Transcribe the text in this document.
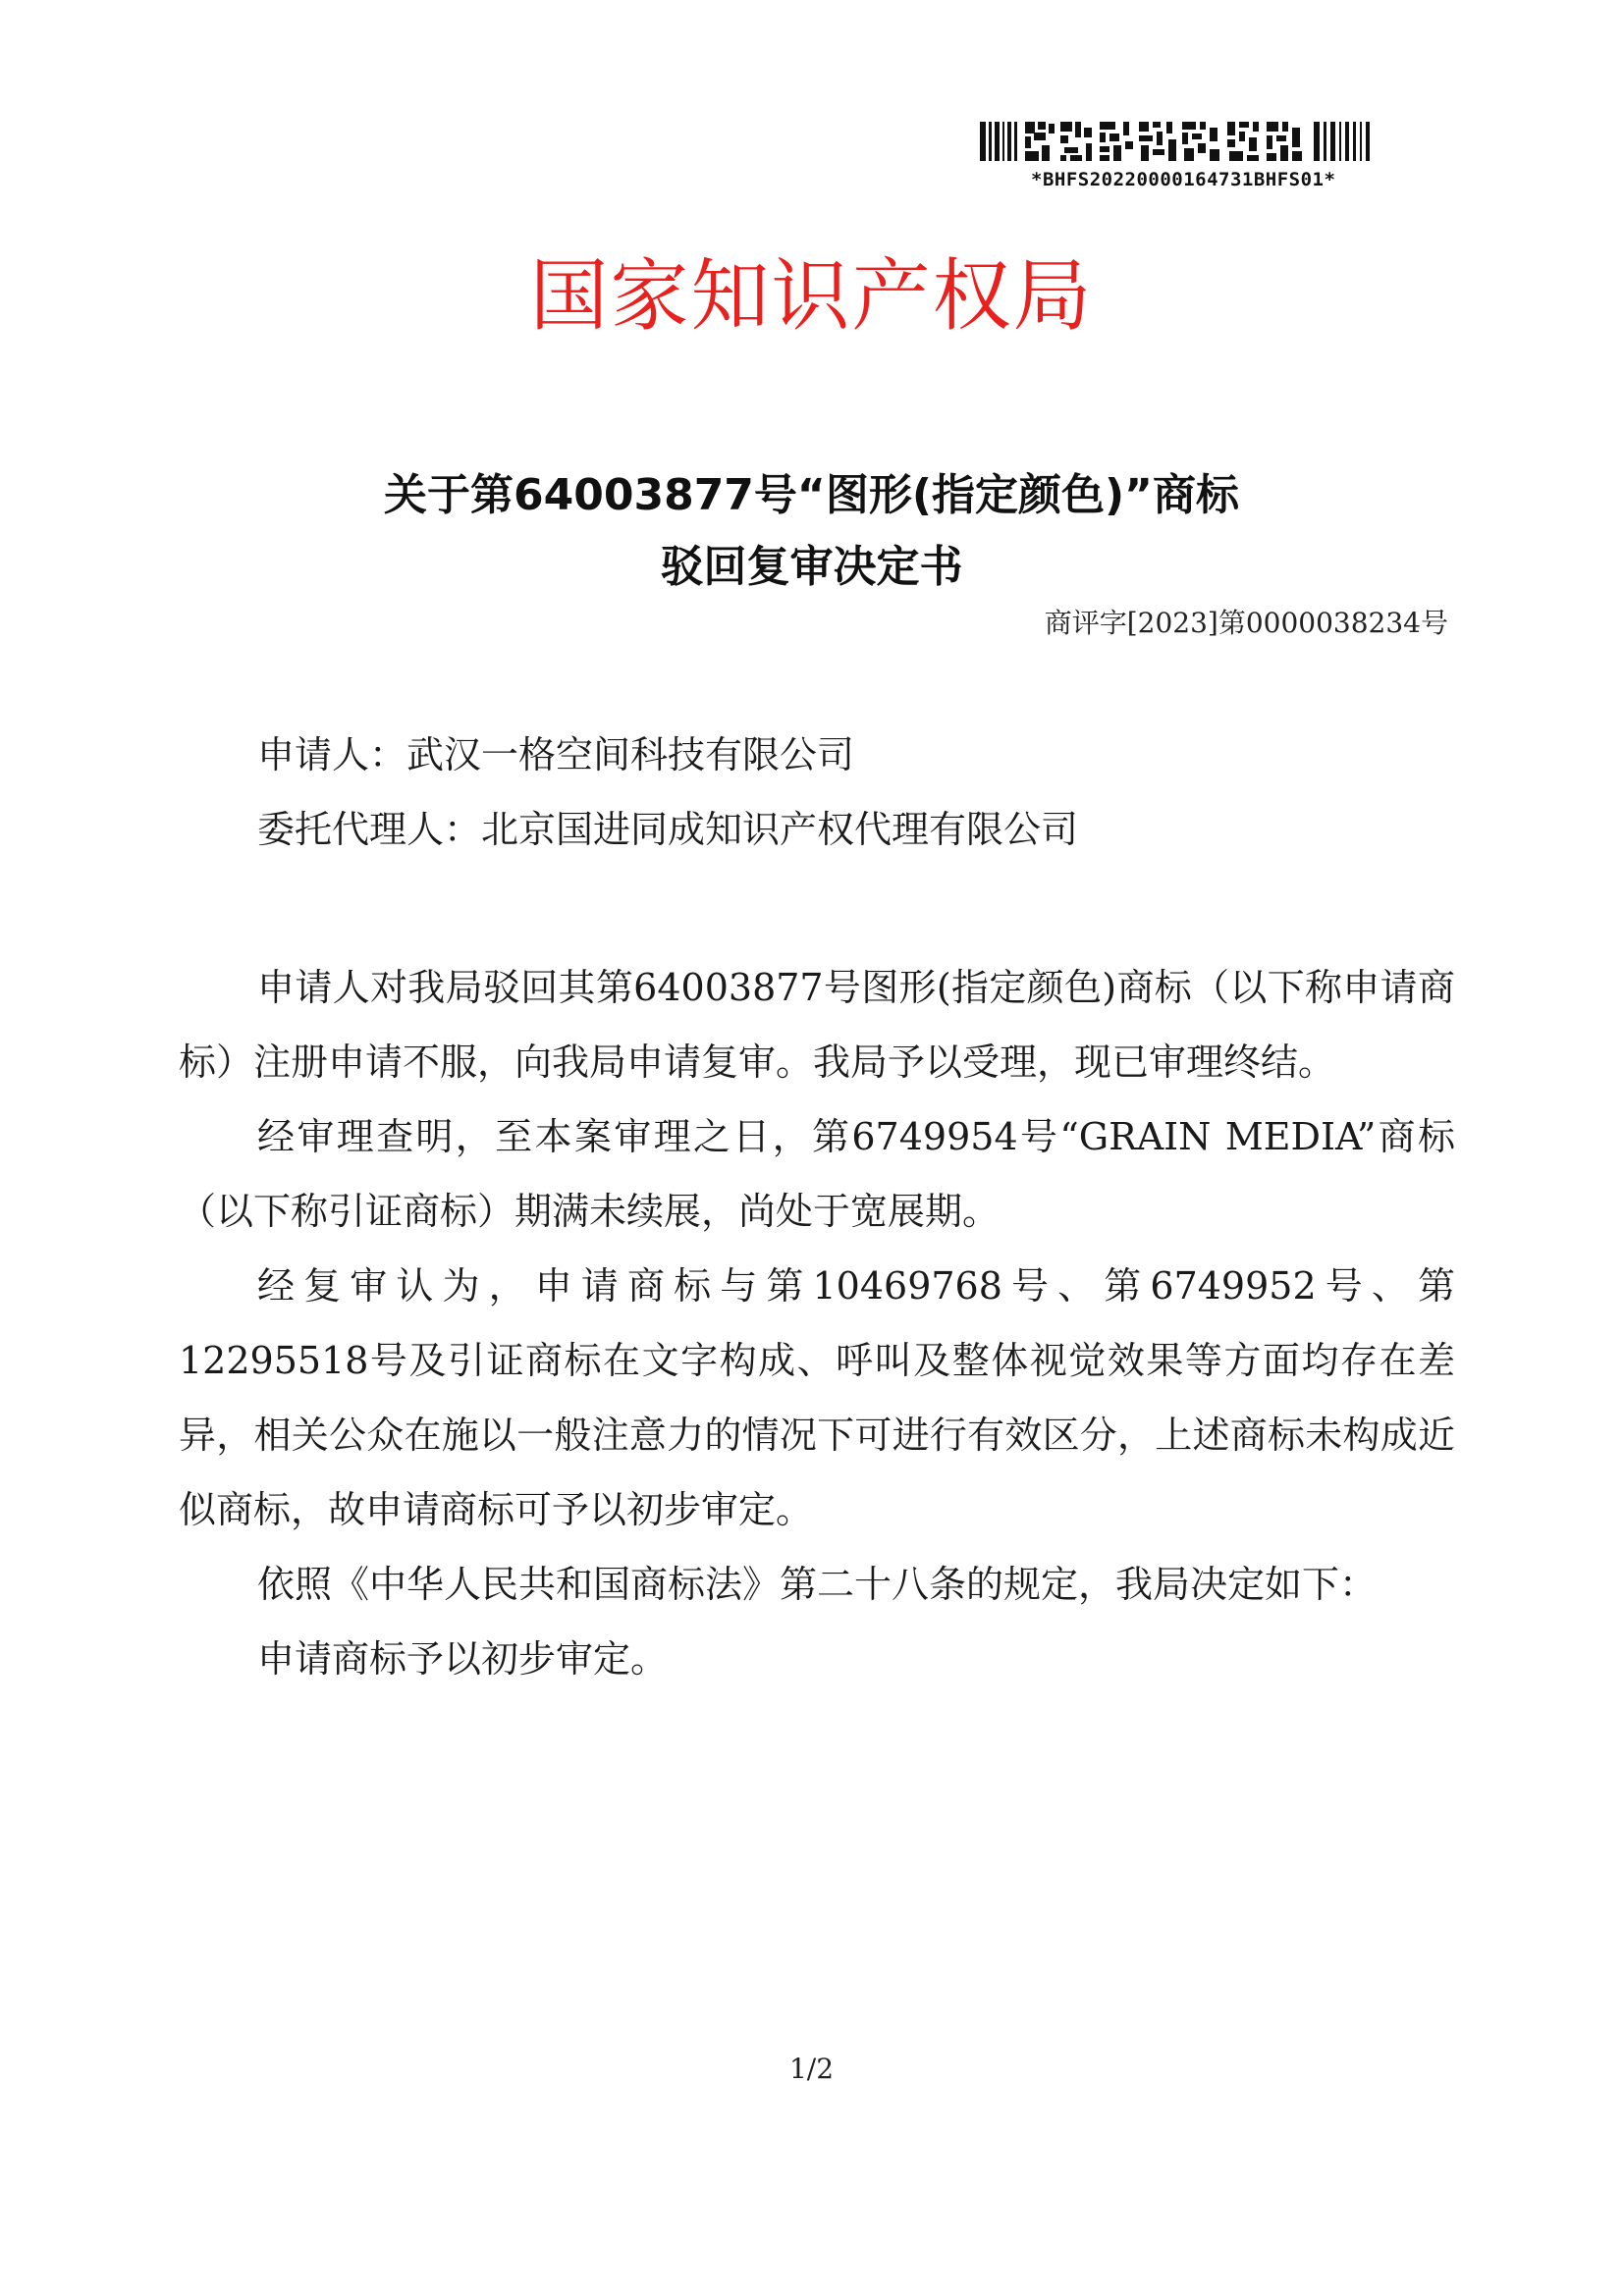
*BHFS20220000164731BHFS01*
国家知识产权局
关于第64003877号“图形(指定颜色)”商标
驳回复审决定书
商评字[2023]第0000038234号
申请人：武汉一格空间科技有限公司
委托代理人：北京国进同成知识产权代理有限公司

申请人对我局驳回其第64003877号图形(指定颜色)商标（以下称申请商标）注册申请不服，向我局申请复审。我局予以受理，现已审理终结。

经审理查明，至本案审理之日，第6749954号“GRAIN MEDIA”商标（以下称引证商标）期满未续展，尚处于宽展期。

经复审认为，申请商标与第10469768号、第6749952号、第12295518号及引证商标在文字构成、呼叫及整体视觉效果等方面均存在差异，相关公众在施以一般注意力的情况下可进行有效区分，上述商标未构成近似商标，故申请商标可予以初步审定。

依照《中华人民共和国商标法》第二十八条的规定，我局决定如下：

申请商标予以初步审定。

1/2
